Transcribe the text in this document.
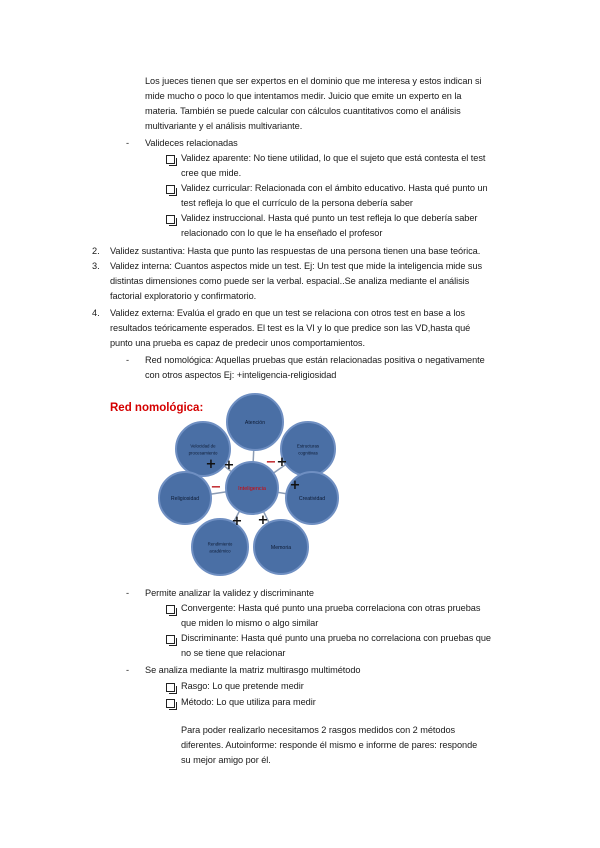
Los jueces tienen que ser expertos en el dominio que me interesa y estos indican si
mide mucho o poco lo que intentamos medir. Juicio que emite un experto en la
materia. También se puede calcular con cálculos cuantitativos como el análisis
multivariante y el análisis multivariante.
- Valideces relacionadas
Validez aparente: No tiene utilidad, lo que el sujeto que está contesta el test
cree que mide.
Validez curricular: Relacionada con el ámbito educativo. Hasta qué punto un
test refleja lo que el currículo de la persona debería saber
Validez instruccional. Hasta qué punto un test refleja lo que debería saber
relacionado con lo que le ha enseñado el profesor
2. Validez sustantiva: Hasta que punto las respuestas de una persona tienen una base teórica.
3. Validez interna: Cuantos aspectos mide un test. Ej: Un test que mide la inteligencia mide sus
distintas dimensiones como puede ser la verbal. espacial..Se analiza mediante el análisis
factorial exploratorio y confirmatorio.
4. Validez externa: Evalúa el grado en que un test se relaciona con otros test en base a los
resultados teóricamente esperados. El test es la VI y lo que predice son las VD,hasta qué
punto una prueba es capaz de predecir unos comportamientos.
- Red nomológica: Aquellas pruebas que están relacionadas positiva o negativamente
con otros aspectos Ej: +inteligencia-religiosidad
Red nomológica:
Inteligencia
Atención
Velocidad de
procesamiento
Estructuras
cognitivas
Religiosidad	Creatividad
Rendimiento
académico	Memoria
+	+
+
+
+ +
−
−
- Permite analizar la validez y discriminante
Convergente: Hasta qué punto una prueba correlaciona con otras pruebas
que miden lo mismo o algo similar
Discriminante: Hasta qué punto una prueba no correlaciona con pruebas que
no se tiene que relacionar
- Se analiza mediante la matriz multirasgo multimétodo
Rasgo: Lo que pretende medir
Método: Lo que utiliza para medir
Para poder realizarlo necesitamos 2 rasgos medidos con 2 métodos
diferentes. Autoinforme: responde él mismo e informe de pares: responde
su mejor amigo por él.
